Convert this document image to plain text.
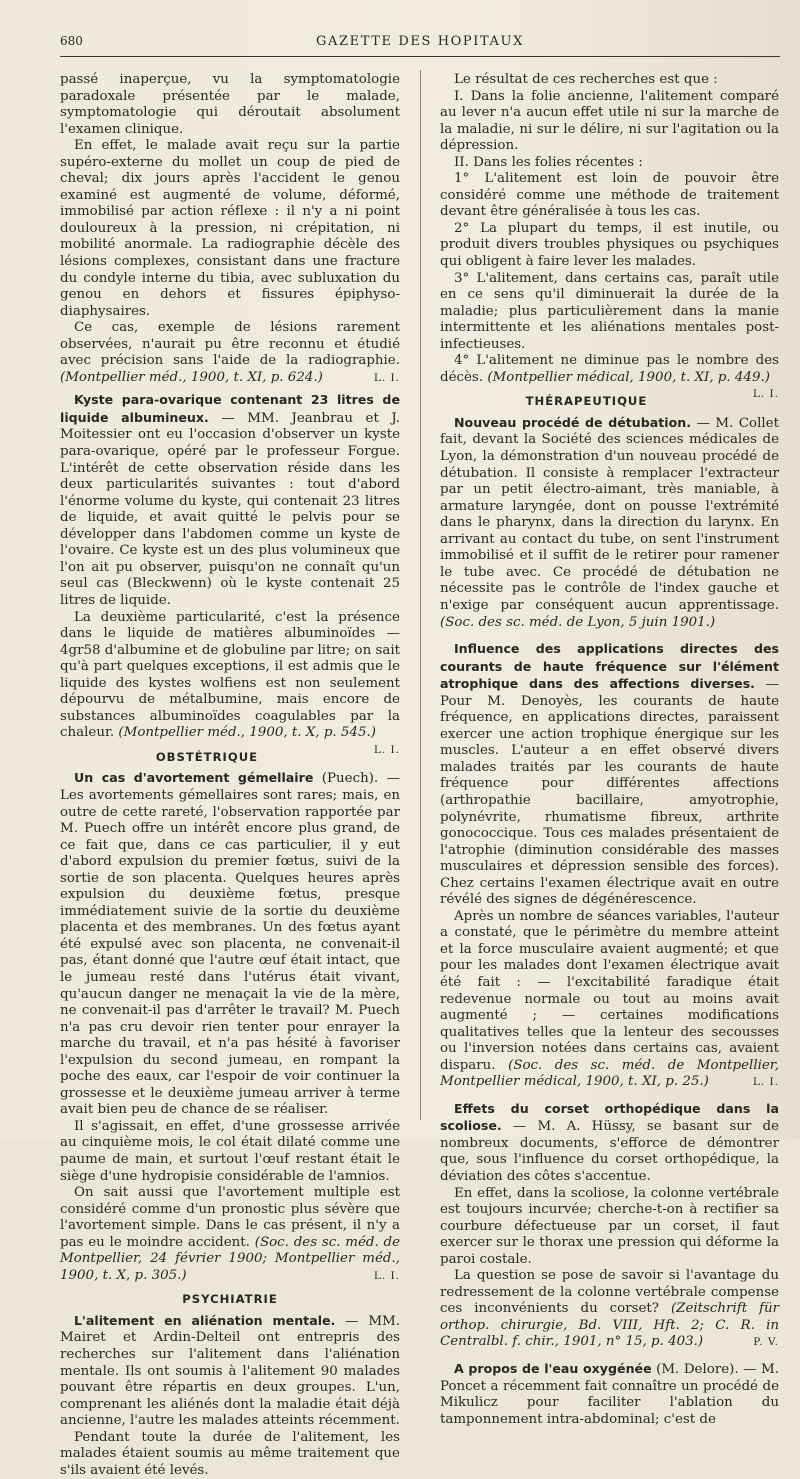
680	GAZETTE DES HOPITAUX

passé inaperçue, vu la symptomatologie paradoxale présentée par le malade, symptomatologie qui déroutait absolument l'examen clinique.

En effet, le malade avait reçu sur la partie supéro-externe du mollet un coup de pied de cheval; dix jours après l'accident le genou examiné est augmenté de volume, déformé, immobilisé par action réflexe : il n'y a ni point douloureux à la pression, ni crépitation, ni mobilité anormale. La radiographie décèle des lésions complexes, consistant dans une fracture du condyle interne du tibia, avec subluxation du genou en dehors et fissures épiphyso-diaphysaires.

Ce cas, exemple de lésions rarement observées, n'aurait pu être reconnu et étudié avec précision sans l'aide de la radiographie. (Montpellier méd., 1900, t. XI, p. 624.)	L. I.

Kyste para-ovarique contenant 23 litres de liquide albumineux. — MM. Jeanbrau et J. Moitessier ont eu l'occasion d'observer un kyste para-ovarique, opéré par le professeur Forgue. L'intérêt de cette observation réside dans les deux particularités suivantes : tout d'abord l'énorme volume du kyste, qui contenait 23 litres de liquide, et avait quitté le pelvis pour se développer dans l'abdomen comme un kyste de l'ovaire. Ce kyste est un des plus volumineux que l'on ait pu observer, puisqu'on ne connaît qu'un seul cas (Bleckwenn) où le kyste contenait 25 litres de liquide.

La deuxième particularité, c'est la présence dans le liquide de matières albuminoïdes — 4gr58 d'albumine et de globuline par litre; on sait qu'à part quelques exceptions, il est admis que le liquide des kystes wolfiens est non seulement dépourvu de métalbumine, mais encore de substances albuminoïdes coagulables par la chaleur. (Montpellier méd., 1900, t. X, p. 545.)
L. I.

OBSTÉTRIQUE

Un cas d'avortement gémellaire (Puech). — Les avortements gémellaires sont rares; mais, en outre de cette rareté, l'observation rapportée par M. Puech offre un intérêt encore plus grand, de ce fait que, dans ce cas particulier, il y eut d'abord expulsion du premier fœtus, suivi de la sortie de son placenta. Quelques heures après expulsion du deuxième fœtus, presque immédiatement suivie de la sortie du deuxième placenta et des membranes. Un des fœtus ayant été expulsé avec son placenta, ne convenait-il pas, étant donné que l'autre œuf était intact, que le jumeau resté dans l'utérus était vivant, qu'aucun danger ne menaçait la vie de la mère, ne convenait-il pas d'arrêter le travail? M. Puech n'a pas cru devoir rien tenter pour enrayer la marche du travail, et n'a pas hésité à favoriser l'expulsion du second jumeau, en rompant la poche des eaux, car l'espoir de voir continuer la grossesse et le deuxième jumeau arriver à terme avait bien peu de chance de se réaliser.

Il s'agissait, en effet, d'une grossesse arrivée au cinquième mois, le col était dilaté comme une paume de main, et surtout l'œuf restant était le siège d'une hydropisie considérable de l'amnios.

On sait aussi que l'avortement multiple est considéré comme d'un pronostic plus sévère que l'avortement simple. Dans le cas présent, il n'y a pas eu le moindre accident. (Soc. des sc. méd. de Montpellier, 24 février 1900; Montpellier méd., 1900, t. X, p. 305.)	L. I.

PSYCHIATRIE

L'alitement en aliénation mentale. — MM. Mairet et Ardin-Delteil ont entrepris des recherches sur l'alitement dans l'aliénation mentale. Ils ont soumis à l'alitement 90 malades pouvant être répartis en deux groupes. L'un, comprenant les aliénés dont la maladie était déjà ancienne, l'autre les malades atteints récemment.

Pendant toute la durée de l'alitement, les malades étaient soumis au même traitement que s'ils avaient été levés.

Le résultat de ces recherches est que :

I. Dans la folie ancienne, l'alitement comparé au lever n'a aucun effet utile ni sur la marche de la maladie, ni sur le délire, ni sur l'agitation ou la dépression.

II. Dans les folies récentes :

1° L'alitement est loin de pouvoir être considéré comme une méthode de traitement devant être généralisée à tous les cas.

2° La plupart du temps, il est inutile, ou produit divers troubles physiques ou psychiques qui obligent à faire lever les malades.

3° L'alitement, dans certains cas, paraît utile en ce sens qu'il diminuerait la durée de la maladie; plus particulièrement dans la manie intermittente et les aliénations mentales post-infectieuses.

4° L'alitement ne diminue pas le nombre des décès. (Montpellier médical, 1900, t. XI, p. 449.)
L. I.

THÉRAPEUTIQUE

Nouveau procédé de détubation. — M. Collet fait, devant la Société des sciences médicales de Lyon, la démonstration d'un nouveau procédé de détubation. Il consiste à remplacer l'extracteur par un petit électro-aimant, très maniable, à armature laryngée, dont on pousse l'extrémité dans le pharynx, dans la direction du larynx. En arrivant au contact du tube, on sent l'instrument immobilisé et il suffit de le retirer pour ramener le tube avec. Ce procédé de détubation ne nécessite pas le contrôle de l'index gauche et n'exige par conséquent aucun apprentissage. (Soc. des sc. méd. de Lyon, 5 juin 1901.)

Influence des applications directes des courants de haute fréquence sur l'élément atrophique dans des affections diverses. — Pour M. Denoyès, les courants de haute fréquence, en applications directes, paraissent exercer une action trophique énergique sur les muscles. L'auteur a en effet observé divers malades traités par les courants de haute fréquence pour différentes affections (arthropathie bacillaire, amyotrophie, polynévrite, rhumatisme fibreux, arthrite gonococcique. Tous ces malades présentaient de l'atrophie (diminution considérable des masses musculaires et dépression sensible des forces). Chez certains l'examen électrique avait en outre révélé des signes de dégénérescence.

Après un nombre de séances variables, l'auteur a constaté, que le périmètre du membre atteint et la force musculaire avaient augmenté; et que pour les malades dont l'examen électrique avait été fait : — l'excitabilité faradique était redevenue normale ou tout au moins avait augmenté ; — certaines modifications qualitatives telles que la lenteur des secousses ou l'inversion notées dans certains cas, avaient disparu. (Soc. des sc. méd. de Montpellier, Montpellier médical, 1900, t. XI, p. 25.)	L. I.

Effets du corset orthopédique dans la scoliose. — M. A. Hüssy, se basant sur de nombreux documents, s'efforce de démontrer que, sous l'influence du corset orthopédique, la déviation des côtes s'accentue.

En effet, dans la scoliose, la colonne vertébrale est toujours incurvée; cherche-t-on à rectifier sa courbure défectueuse par un corset, il faut exercer sur le thorax une pression qui déforme la paroi costale.

La question se pose de savoir si l'avantage du redressement de la colonne vertébrale compense ces inconvénients du corset? (Zeitschrift für orthop. chirurgie, Bd. VIII, Hft. 2; C. R. in Centralbl. f. chir., 1901, n° 15, p. 403.)	P. V.

A propos de l'eau oxygénée (M. Delore). — M. Poncet a récemment fait connaître un procédé de Mikulicz pour faciliter l'ablation du tamponnement intra-abdominal; c'est de
